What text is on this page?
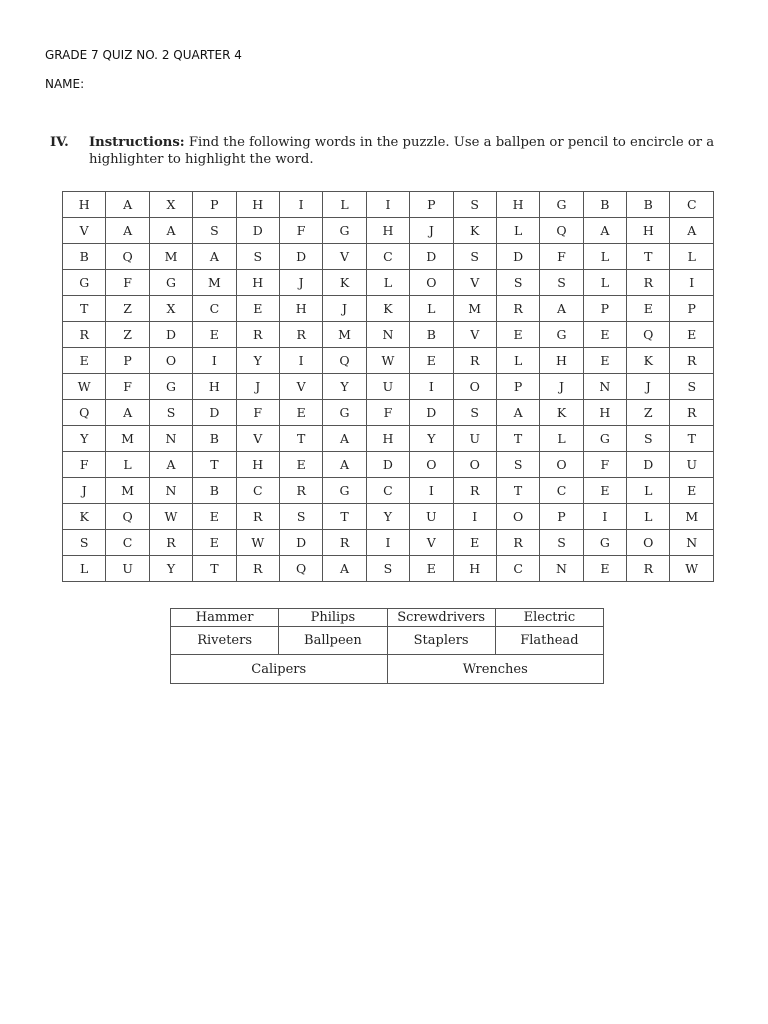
GRADE 7 QUIZ NO. 2 QUARTER 4
NAME:
IV. Instructions: Find the following words in the puzzle. Use a ballpen or pencil to encircle or a highlighter to highlight the word.
H	A	X	P	H	I	L	I	P	S	H	G	B	B	C
V	A	A	S	D	F	G	H	J	K	L	Q	A	H	A
B	Q	M	A	S	D	V	C	D	S	D	F	L	T	L
G	F	G	M	H	J	K	L	O	V	S	S	L	R	I
T	Z	X	C	E	H	J	K	L	M	R	A	P	E	P
R	Z	D	E	R	R	M	N	B	V	E	G	E	Q	E
E	P	O	I	Y	I	Q	W	E	R	L	H	E	K	R
W	F	G	H	J	V	Y	U	I	O	P	J	N	J	S
Q	A	S	D	F	E	G	F	D	S	A	K	H	Z	R
Y	M	N	B	V	T	A	H	Y	U	T	L	G	S	T
F	L	A	T	H	E	A	D	O	O	S	O	F	D	U
J	M	N	B	C	R	G	C	I	R	T	C	E	L	E
K	Q	W	E	R	S	T	Y	U	I	O	P	I	L	M
S	C	R	E	W	D	R	I	V	E	R	S	G	O	N
L	U	Y	T	R	Q	A	S	E	H	C	N	E	R	W
Hammer	Philips	Screwdrivers	Electric
Riveters	Ballpeen	Staplers	Flathead
Calipers		Wrenches	
